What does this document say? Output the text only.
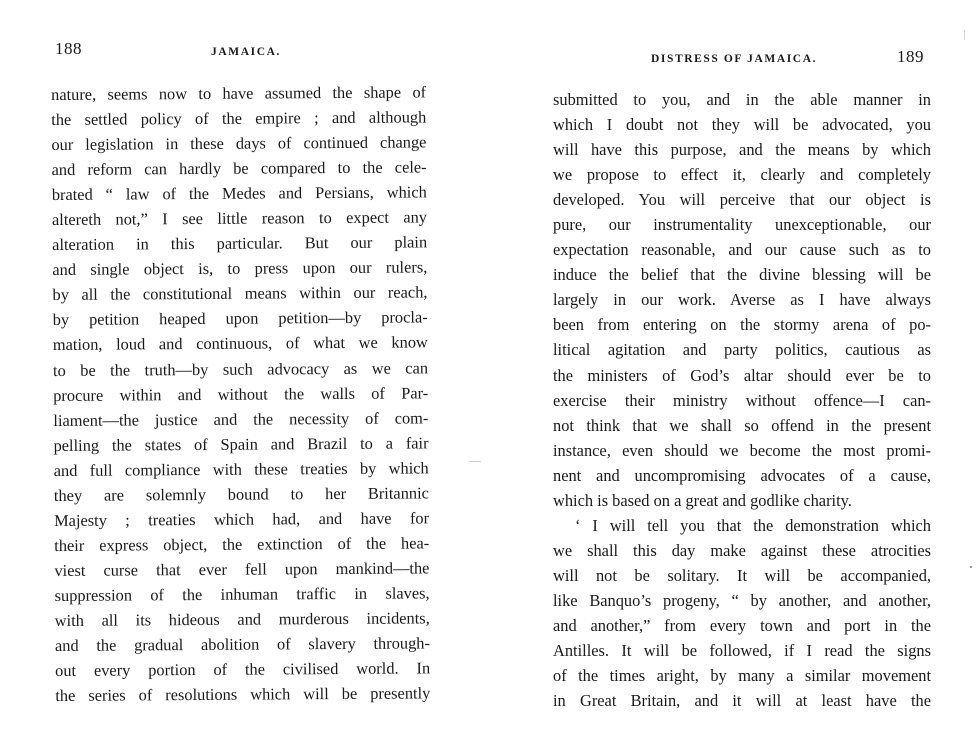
188	JAMAICA.
nature, seems now to have assumed the shape of
the settled policy of the empire ; and although
our legislation in these days of continued change
and reform can hardly be compared to the cele-
brated “ law of the Medes and Persians, which
altereth not,” I see little reason to expect any
alteration in this particular. But our plain
and single object is, to press upon our rulers,
by all the constitutional means within our reach,
by petition heaped upon petition—by procla-
mation, loud and continuous, of what we know
to be the truth—by such advocacy as we can
procure within and without the walls of Par-
liament—the justice and the necessity of com-
pelling the states of Spain and Brazil to a fair
and full compliance with these treaties by which
they are solemnly bound to her Britannic
Majesty ; treaties which had, and have for
their express object, the extinction of the hea-
viest curse that ever fell upon mankind—the
suppression of the inhuman traffic in slaves,
with all its hideous and murderous incidents,
and the gradual abolition of slavery through-
out every portion of the civilised world. In
the series of resolutions which will be presently
DISTRESS OF JAMAICA.	189
submitted to you, and in the able manner in
which I doubt not they will be advocated, you
will have this purpose, and the means by which
we propose to effect it, clearly and completely
developed. You will perceive that our object is
pure, our instrumentality unexceptionable, our
expectation reasonable, and our cause such as to
induce the belief that the divine blessing will be
largely in our work. Averse as I have always
been from entering on the stormy arena of po-
litical agitation and party politics, cautious as
the ministers of God’s altar should ever be to
exercise their ministry without offence—I can-
not think that we shall so offend in the present
instance, even should we become the most promi-
nent and uncompromising advocates of a cause,
which is based on a great and godlike charity.
‘ I will tell you that the demonstration which
we shall this day make against these atrocities
will not be solitary. It will be accompanied,
like Banquo’s progeny, “ by another, and another,
and another,” from every town and port in the
Antilles. It will be followed, if I read the signs
of the times aright, by many a similar movement
in Great Britain, and it will at least have the
